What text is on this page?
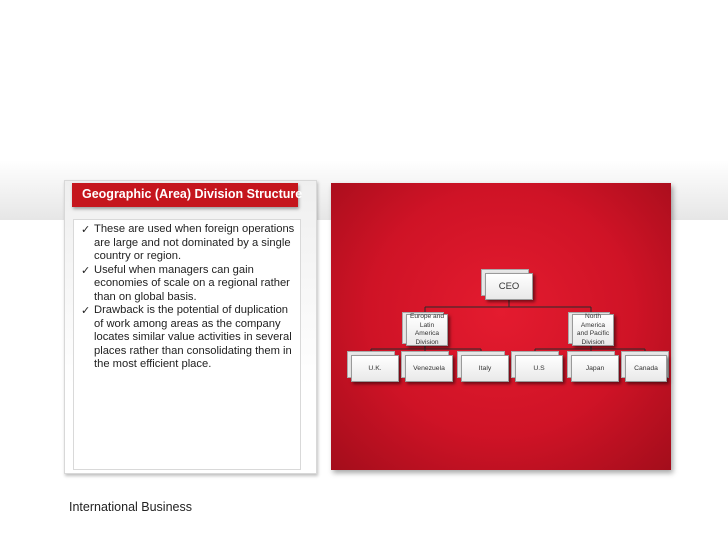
Geographic (Area) Division Structure
✓ These are used when foreign operations are large and not dominated by a single country or region.
✓ Useful when managers can gain economies of scale on a regional rather than on global basis.
✓ Drawback is the potential of duplication of work among areas as the company locates similar value activities in several places rather than consolidating them in the most efficient place.
CEO
Europe and Latin America Division
North America and Pacific Division
U.K.	Venezuela	Italy	U.S	Japan	Canada
International Business
